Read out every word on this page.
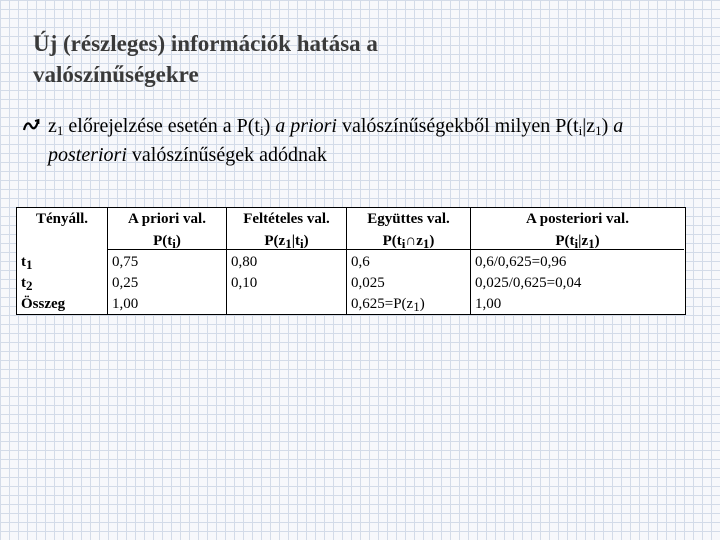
Új (részleges) információk hatása a
valószínűségekre
$z_1$ előrejelzése esetén a $P(t_i)$ a priori valószínűségekből milyen $P(t_i|z_1)$ a posteriori valószínűségek adódnak
Tényáll.
$t_1$
$t_2$
Összeg
A priori val.
$P(t_i)$
0,75
0,25
1,00
Feltételes val.
$P(z_1|t_i)$
0,80
0,10
Együttes val.
$P(t_i\cap z_1)$
0,6
0,025
$0,625=P(z_1)$
A posteriori val.
$P(t_i|z_1)$
0,6/0,625=0,96
0,025/0,625=0,04
1,00
